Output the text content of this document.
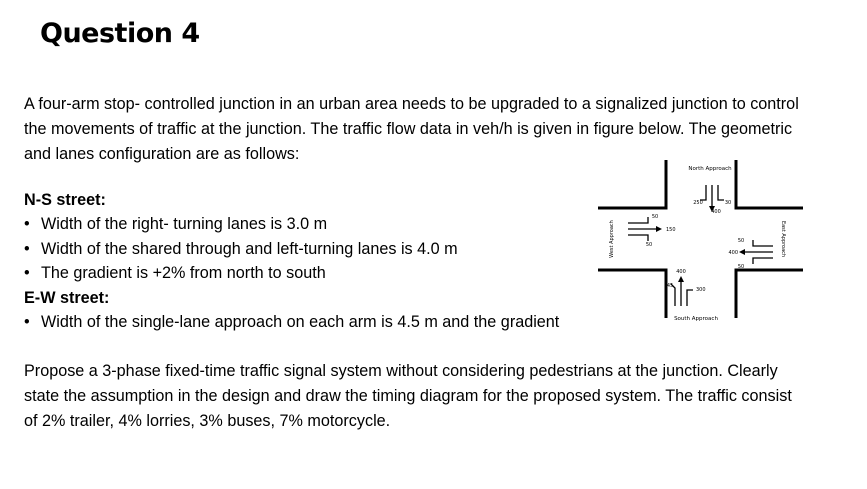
Question 4
A four-arm stop- controlled junction in an urban area needs to be upgraded to a signalized junction to control
the movements of traffic at the junction. The traffic flow data in veh/h is given in figure below. The geometric
and lanes configuration are as follows:
N-S street:
• Width of the right- turning lanes is 3.0 m
• Width of the shared through and left-turning lanes is 4.0 m
• The gradient is +2% from north to south
E-W street:
• Width of the single-lane approach on each arm is 4.5 m and the gradient
North Approach
South Approach
West Approach	East Approach
250	30
400
50
150
50
50
400
50
400
45
300
Propose a 3-phase fixed-time traffic signal system without considering pedestrians at the junction. Clearly
state the assumption in the design and draw the timing diagram for the proposed system. The traffic consist
of 2% trailer, 4% lorries, 3% buses, 7% motorcycle.
